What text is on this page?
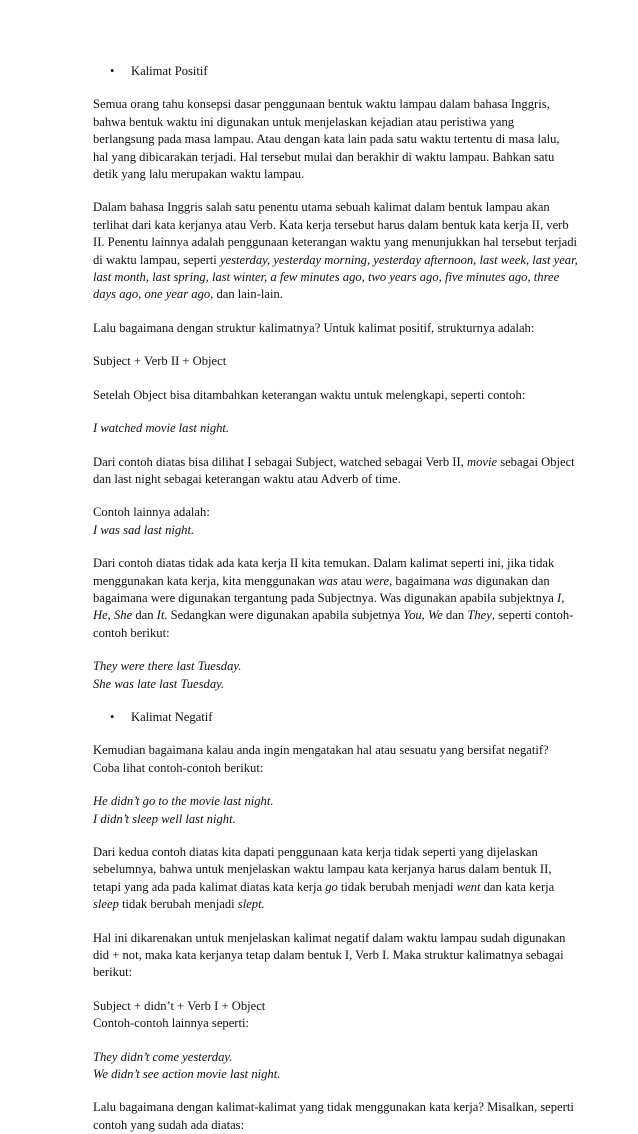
• Kalimat Positif

Semua orang tahu konsepsi dasar penggunaan bentuk waktu lampau dalam bahasa Inggris, bahwa bentuk waktu ini digunakan untuk menjelaskan kejadian atau peristiwa yang berlangsung pada masa lampau. Atau dengan kata lain pada satu waktu tertentu di masa lalu, hal yang dibicarakan terjadi. Hal tersebut mulai dan berakhir di waktu lampau. Bahkan satu detik yang lalu merupakan waktu lampau.

Dalam bahasa Inggris salah satu penentu utama sebuah kalimat dalam bentuk lampau akan terlihat dari kata kerjanya atau Verb. Kata kerja tersebut harus dalam bentuk kata kerja II, verb II. Penentu lainnya adalah penggunaan keterangan waktu yang menunjukkan hal tersebut terjadi di waktu lampau, seperti yesterday, yesterday morning, yesterday afternoon, last week, last year, last month, last spring, last winter, a few minutes ago, two years ago, five minutes ago, three days ago, one year ago, dan lain-lain.

Lalu bagaimana dengan struktur kalimatnya? Untuk kalimat positif, strukturnya adalah:

Subject + Verb II + Object

Setelah Object bisa ditambahkan keterangan waktu untuk melengkapi, seperti contoh:

I watched movie last night.

Dari contoh diatas bisa dilihat I sebagai Subject, watched sebagai Verb II, movie sebagai Object dan last night sebagai keterangan waktu atau Adverb of time.

Contoh lainnya adalah:
I was sad last night.

Dari contoh diatas tidak ada kata kerja II kita temukan. Dalam kalimat seperti ini, jika tidak menggunakan kata kerja, kita menggunakan was atau were, bagaimana was digunakan dan bagaimana were digunakan tergantung pada Subjectnya. Was digunakan apabila subjektnya I, He, She dan It. Sedangkan were digunakan apabila subjetnya You, We dan They, seperti contoh-contoh berikut:

They were there last Tuesday.
She was late last Tuesday.

• Kalimat Negatif

Kemudian bagaimana kalau anda ingin mengatakan hal atau sesuatu yang bersifat negatif? Coba lihat contoh-contoh berikut:

He didn’t go to the movie last night.
I didn’t sleep well last night.

Dari kedua contoh diatas kita dapati penggunaan kata kerja tidak seperti yang dijelaskan sebelumnya, bahwa untuk menjelaskan waktu lampau kata kerjanya harus dalam bentuk II, tetapi yang ada pada kalimat diatas kata kerja go tidak berubah menjadi went dan kata kerja sleep tidak berubah menjadi slept.

Hal ini dikarenakan untuk menjelaskan kalimat negatif dalam waktu lampau sudah digunakan did + not, maka kata kerjanya tetap dalam bentuk I, Verb I. Maka struktur kalimatnya sebagai berikut:

Subject + didn’t + Verb I + Object
Contoh-contoh lainnya seperti:

They didn’t come yesterday.
We didn’t see action movie last night.

Lalu bagaimana dengan kalimat-kalimat yang tidak menggunakan kata kerja? Misalkan, seperti contoh yang sudah ada diatas:
